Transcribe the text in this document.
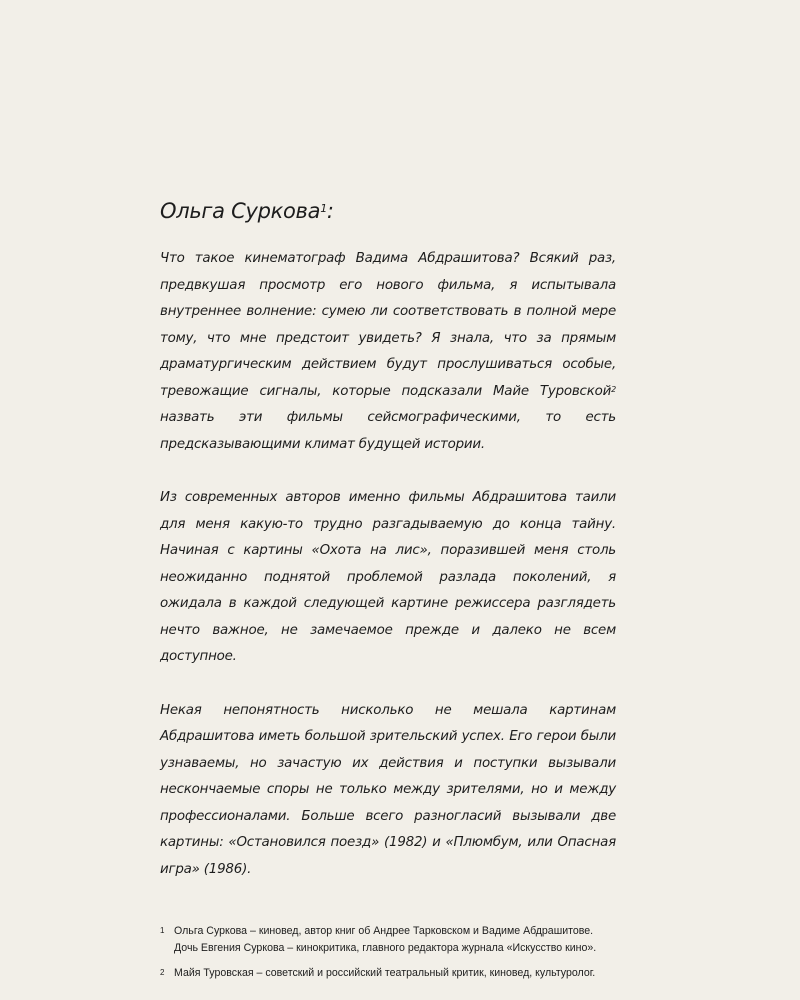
Ольга Суркова$^1$:

Что такое кинематограф Вадима Абдрашитова? Всякий раз, предвкушая просмотр его нового фильма, я испытывала внутреннее волнение: сумею ли соответствовать в полной мере тому, что мне предстоит увидеть? Я знала, что за прямым драматургическим действием будут прослушиваться особые, тревожащие сигналы, которые подсказали Майе Туровской$^2$ назвать эти фильмы сейсмографическими, то есть предсказывающими климат будущей истории.

Из современных авторов именно фильмы Абдрашитова таили для меня какую-то трудно разгадываемую до конца тайну. Начиная с картины «Охота на лис», поразившей меня столь неожиданно поднятой проблемой разлада поколений, я ожидала в каждой следующей картине режиссера разглядеть нечто важное, не замечаемое прежде и далеко не всем доступное.

Некая непонятность нисколько не мешала картинам Абдрашитова иметь большой зрительский успех. Его герои были узнаваемы, но зачастую их действия и поступки вызывали нескончаемые споры не только между зрителями, но и между профессионалами. Больше всего разногласий вызывали две картины: «Остановился поезд» (1982) и «Плюмбум, или Опасная игра» (1986).

1 Ольга Суркова – киновед, автор книг об Андрее Тарковском и Вадиме Абдрашитове. Дочь Евгения Суркова – кинокритика, главного редактора журнала «Искусство кино».
2 Майя Туровская – советский и российский театральный критик, киновед, культуролог.
